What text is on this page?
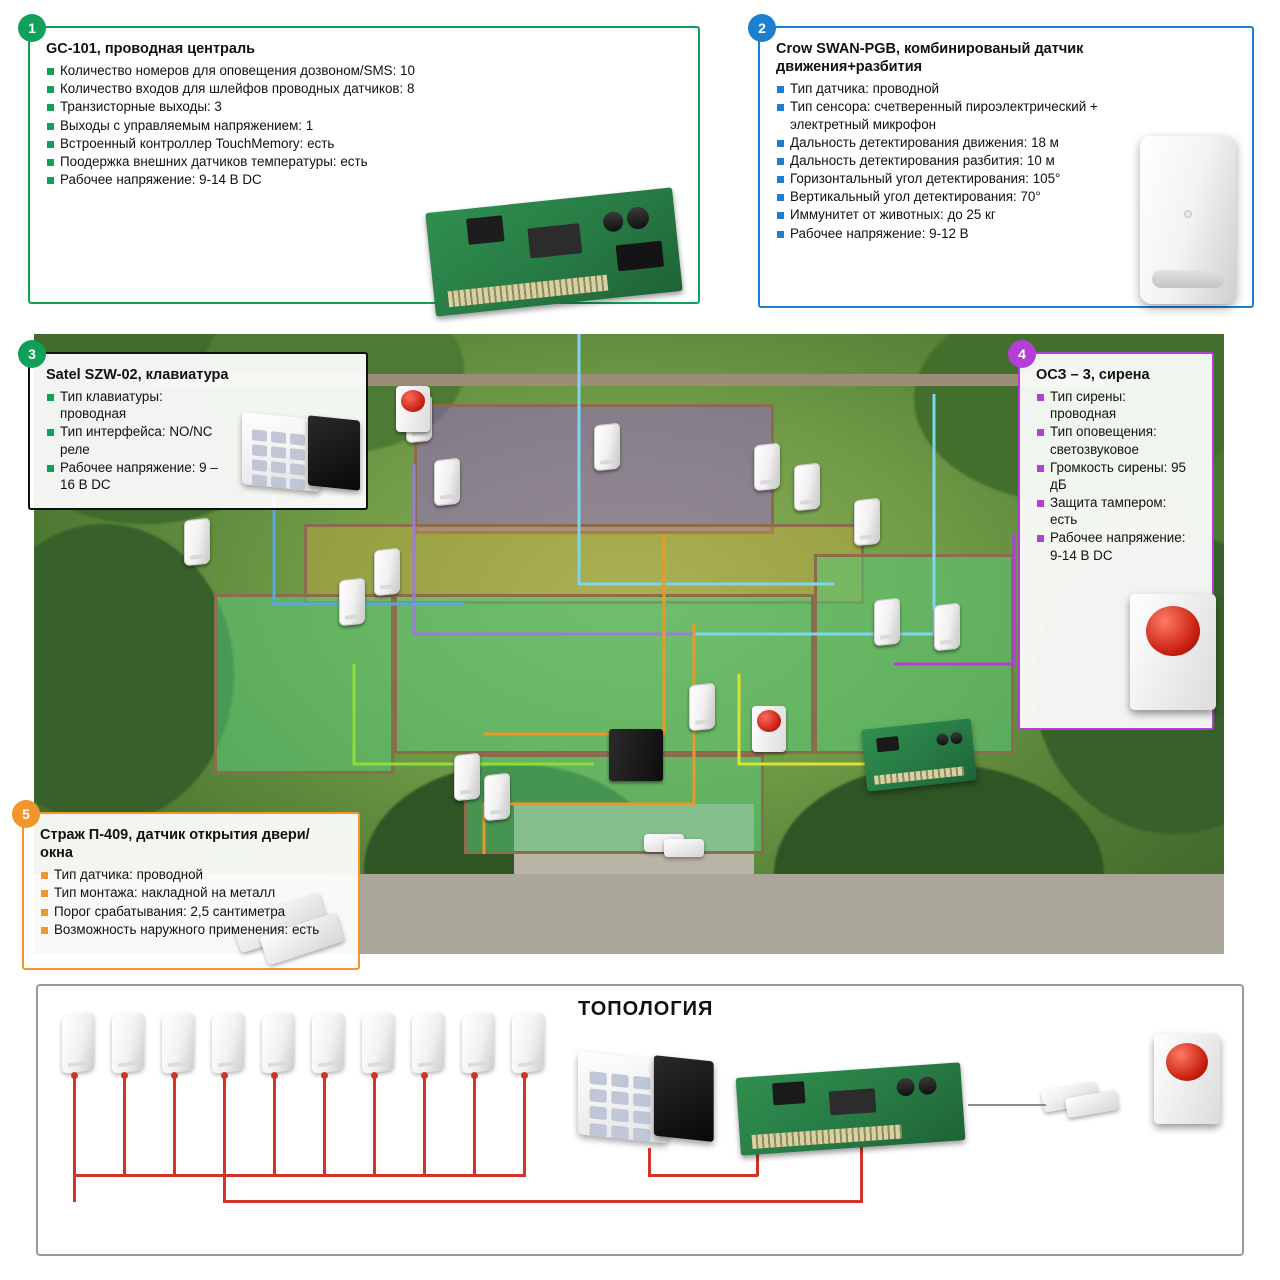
1
GC-101, проводная централь
Количество номеров для оповещения дозвоном/SMS: 10
Количество входов для шлейфов проводных датчиков: 8
Транзисторные выходы: 3
Выходы с управляемым напряжением: 1
Встроенный контроллер TouchMemory: есть
Поодержка внешних датчиков температуры: есть
Рабочее напряжение: 9-14 В DC
2
Crow SWAN-PGB, комбинированый датчик движения+разбития
Тип датчика: проводной
Тип сенсора: счетверенный пироэлектрический + электретный микрофон
Дальность детектирования движения: 18 м
Дальность детектирования разбития: 10 м
Горизонтальный угол детектирования: 105°
Вертикальный угол детектирования: 70°
Иммунитет от животных: до 25 кг
Рабочее напряжение: 9-12 В
3
Satel SZW-02, клавиатура
Тип клавиатуры: проводная
Тип интерфейса: NO/NC реле
Рабочее напряжение: 9 – 16 В DC
4
ОСЗ – 3, сирена
Тип сирены: проводная
Тип оповещения: светозвуковое
Громкость сирены: 95 дБ
Защита тампером: есть
Рабочее напряжение: 9-14 В DC
5
Страж П-409, датчик открытия двери/окна
Тип датчика: проводной
Тип монтажа: накладной на металл
Порог срабатывания: 2,5 сантиметра
Возможность наружного применения: есть
ТОПОЛОГИЯ
